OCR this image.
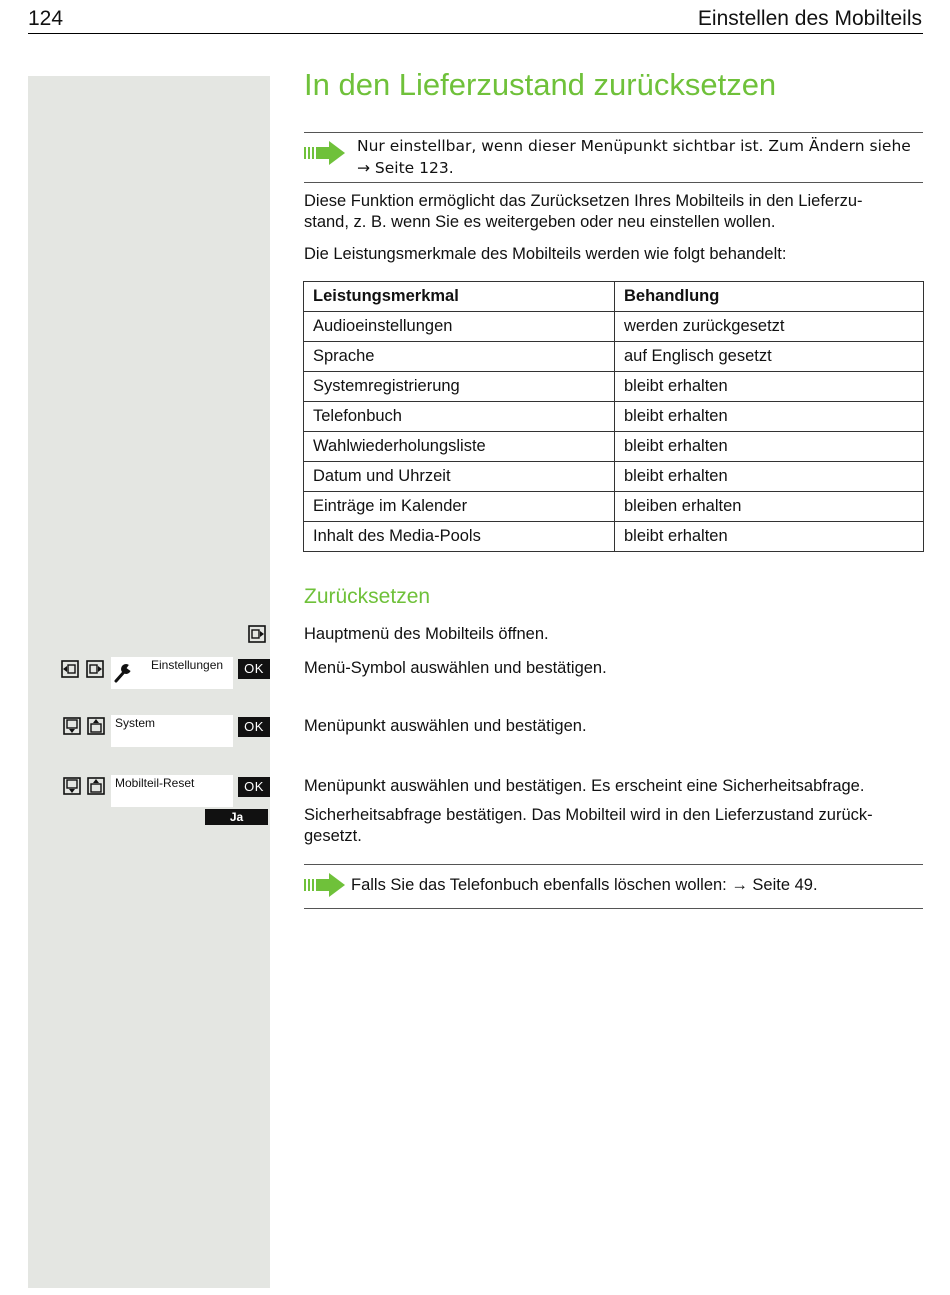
124	Einstellen des Mobilteils
In den Lieferzustand zurücksetzen
Nur einstellbar, wenn dieser Menüpunkt sichtbar ist. Zum Ändern siehe
→ Seite 123.
Diese Funktion ermöglicht das Zurücksetzen Ihres Mobilteils in den Lieferzu-
stand, z. B. wenn Sie es weitergeben oder neu einstellen wollen.
Die Leistungsmerkmale des Mobilteils werden wie folgt behandelt:
Leistungsmerkmal	Behandlung
Audioeinstellungen	werden zurückgesetzt
Sprache	auf Englisch gesetzt
Systemregistrierung	bleibt erhalten
Telefonbuch	bleibt erhalten
Wahlwiederholungsliste	bleibt erhalten
Datum und Uhrzeit	bleibt erhalten
Einträge im Kalender	bleiben erhalten
Inhalt des Media-Pools	bleibt erhalten
Zurücksetzen
Hauptmenü des Mobilteils öffnen.
Einstellungen	OK	Menü-Symbol auswählen und bestätigen.
System	OK	Menüpunkt auswählen und bestätigen.
Mobilteil-Reset	OK	Menüpunkt auswählen und bestätigen. Es erscheint eine Sicherheitsabfrage.
Ja	Sicherheitsabfrage bestätigen. Das Mobilteil wird in den Lieferzustand zurück-
gesetzt.
Falls Sie das Telefonbuch ebenfalls löschen wollen: → Seite 49.
